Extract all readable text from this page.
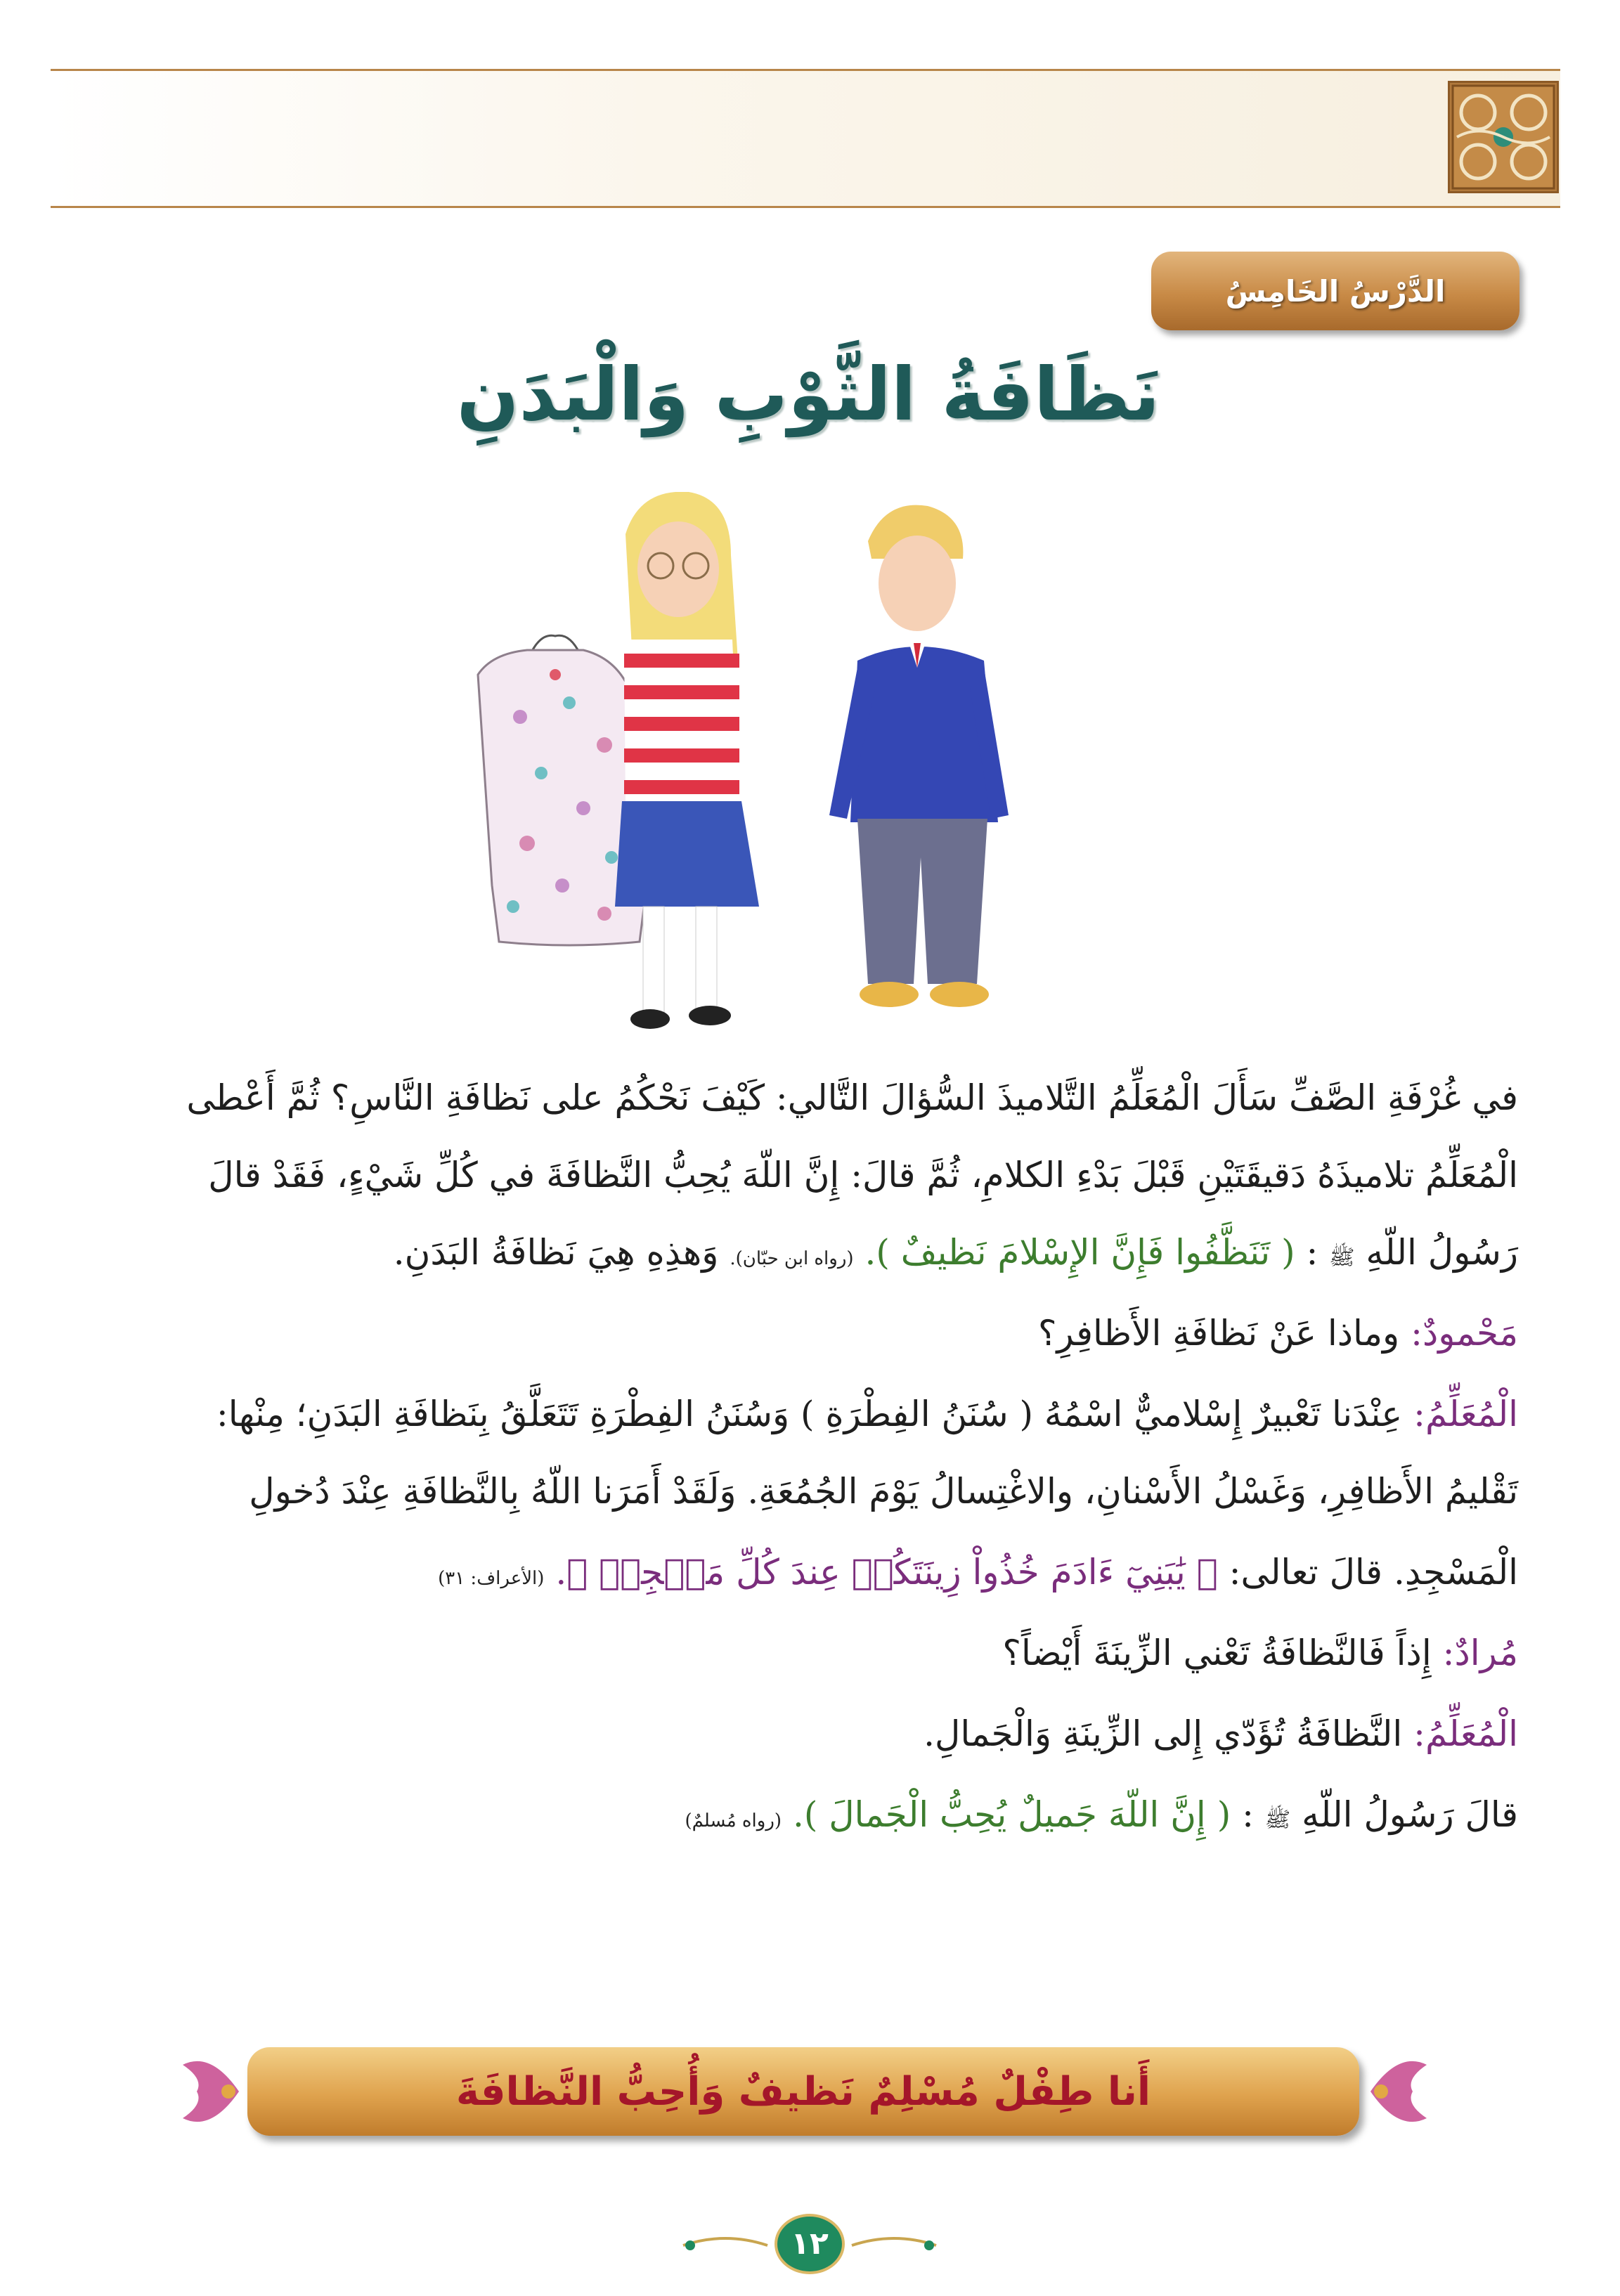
الدَّرْسُ الخَامِسُ
نَظَافَةُ الثَّوْبِ وَالْبَدَنِ
في غُرْفَةِ الصَّفِّ سَأَلَ الْمُعَلِّمُ التَّلاميذَ السُّؤالَ التَّالي: كَيْفَ نَحْكُمُ على نَظافَةِ النَّاسِ؟ ثُمَّ أَعْطى
الْمُعَلِّمُ تلاميذَهُ دَقيقَتَيْنِ قَبْلَ بَدْءِ الكلامِ، ثُمَّ قالَ: إِنَّ اللّهَ يُحِبُّ النَّظافَةَ في كُلِّ شَيْءٍ، فَقَدْ قالَ
رَسُولُ اللّهِ ﷺ : ( تَنَظَّفُوا فَإِنَّ الإِسْلامَ نَظيفٌ ). (رواه ابن حبّان). وَهذِهِ هِيَ نَظافَةُ البَدَنِ.
مَحْمودٌ: وماذا عَنْ نَظافَةِ الأَظافِرِ؟
الْمُعَلِّمُ: عِنْدَنا تَعْبيرٌ إِسْلاميٌّ اسْمُهُ ( سُنَنُ الفِطْرَةِ ) وَسُنَنُ الفِطْرَةِ تَتَعَلَّقُ بِنَظافَةِ البَدَنِ؛ مِنْها:
تَقْليمُ الأَظافِرِ، وَغَسْلُ الأَسْنانِ، والاغْتِسالُ يَوْمَ الجُمُعَةِ. وَلَقَدْ أَمَرَنا اللّهُ بِالنَّظافَةِ عِنْدَ دُخولِ
الْمَسْجِدِ. قالَ تعالى: ﴿ يَٰبَنِيٓ ءَادَمَ خُذُواْ زِينَتَكُمۡ عِندَ كُلِّ مَسۡجِدٖ ﴾. (الأعراف: ٣١)
مُرادٌ: إِذاً فَالنَّظافَةُ تَعْني الزِّينَةَ أَيْضاً؟
الْمُعَلِّمُ: النَّظافَةُ تُؤَدّي إِلى الزِّينَةِ وَالْجَمالِ.
قالَ رَسُولُ اللّهِ ﷺ : ( إِنَّ اللّهَ جَميلٌ يُحِبُّ الْجَمالَ ). (رواه مُسلمٌ)
أَنا طِفْلٌ مُسْلِمٌ نَظيفٌ وَأُحِبُّ النَّظافَةَ
١٢
